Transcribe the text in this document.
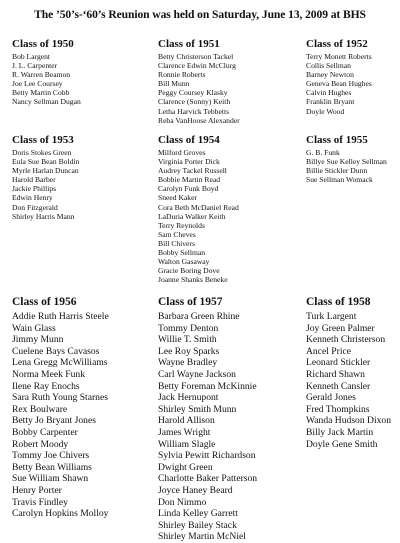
The ’50’s-‘60’s Reunion was held on Saturday, June 13, 2009 at BHS
Class of 1950
Bob Largent
J. L. Carpenter
R. Warren Beamon
Joe Lee Coursey
Betty Martin Cobb
Nancy Sellman Dugan
Class of 1951
Betty Christerson Tackel
Clarence Edwin McClurg
Ronnie Roberts
Bill Munn
Peggy Coursey Klasky
Clarence (Sonny) Keith
Letha Harvick Tebbetts
Reba VanHoose Alexander
Class of 1952
Terry Monett Roberts
Collis Sellman
Barney Newton
Geneva Bean Hughes
Calvin Hughes
Franklin Bryant
Doyle Wood
Class of 1953
Doris Stokes Green
Eula Sue Bean Boldin
Myrle Harlan Duncan
Harold Barber
Jackie Phillips
Edwin Henry
Don Fitzgerald
Shirley Harris Mann
Class of 1954
Milford Groves
Virginia Porter Dick
Audrey Tackel Russell
Bobbie Martin Read
Carolyn Funk Boyd
Sneed Kaker
Cora Beth McDaniel Read
LaDuria Walker Keith
Terry Reynolds
Sam Cheves
Bill Chivers
Bobby Sellman
Walton Gasaway
Gracie Boring Dove
Joanne Shanks Beneke
Class of 1955
G. B. Funk
Billye Sue Kelley Sellman
Billie Stickler Dunn
Sue Sellman Womack
Class of 1956
Addie Ruth Harris Steele
Wain Glass
Jimmy Munn
Cuelene Bays Cavasos
Lena Gregg McWilliams
Norma Meek Funk
Ilene Ray Enochs
Sara Ruth Young Starnes
Rex Boulware
Betty Jo Bryant Jones
Bobby Carpenter
Robert Moody
Tommy Joe Chivers
Betty Bean Williams
Sue William Shawn
Henry Porter
Travis Findley
Carolyn Hopkins Molloy
Class of 1957
Barbara Green Rhine
Tommy Denton
Willie T. Smith
Lee Roy Sparks
Wayne Bradley
Carl Wayne Jackson
Betty Foreman McKinnie
Jack Hernupont
Shirley Smith Munn
Harold Allison
James Wright
William Slagle
Sylvia Pewitt Richardson
Dwight Green
Charlotte Baker Patterson
Joyce Haney Beard
Don Nimmo
Linda Kelley Garrett
Shirley Bailey Stack
Shirley Martin McNiel
Class of 1958
Turk Largent
Joy Green Palmer
Kenneth Christerson
Ancel Price
Leonard Stickler
Richard Shawn
Kenneth Cansler
Gerald Jones
Fred Thompkins
Wanda Hudson Dixon
Billy Jack Martin
Doyle Gene Smith
